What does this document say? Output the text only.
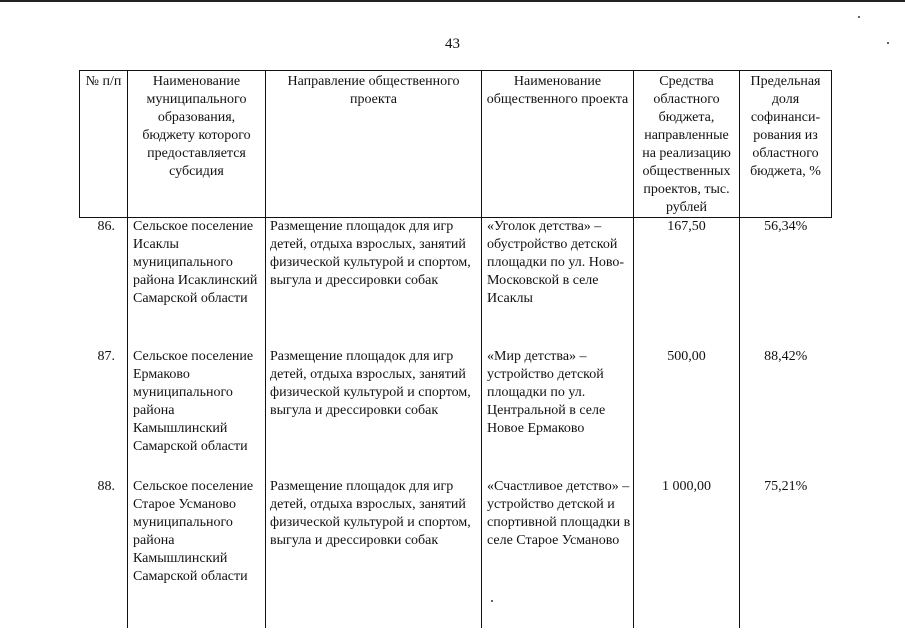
43
№ п/п	Наименование муниципального образования, бюджету которого предоставляется субсидия	Направление общественного проекта	Наименование общественного проекта	Средства областного бюджета, направленные на реализацию общественных проектов, тыс. рублей	Предельная доля софинанси-рования из областного бюджета, %
86.	Сельское поселение Исаклы муниципального района Исаклинский Самарской области	Размещение площадок для игр детей, отдыха взрослых, занятий физической культурой и спортом, выгула и дрессировки собак	«Уголок детства» – обустройство детской площадки по ул. Ново-Московской в селе Исаклы	167,50	56,34%
87.	Сельское поселение Ермаково муниципального района Камышлинский Самарской области	Размещение площадок для игр детей, отдыха взрослых, занятий физической культурой и спортом, выгула и дрессировки собак	«Мир детства» – устройство детской площадки по ул. Центральной в селе Новое Ермаково	500,00	88,42%
88.	Сельское поселение Старое Усманово муниципального района Камышлинский Самарской области	Размещение площадок для игр детей, отдыха взрослых, занятий физической культурой и спортом, выгула и дрессировки собак	«Счастливое детство» – устройство детской и спортивной площадки в селе Старое Усманово	1 000,00	75,21%
